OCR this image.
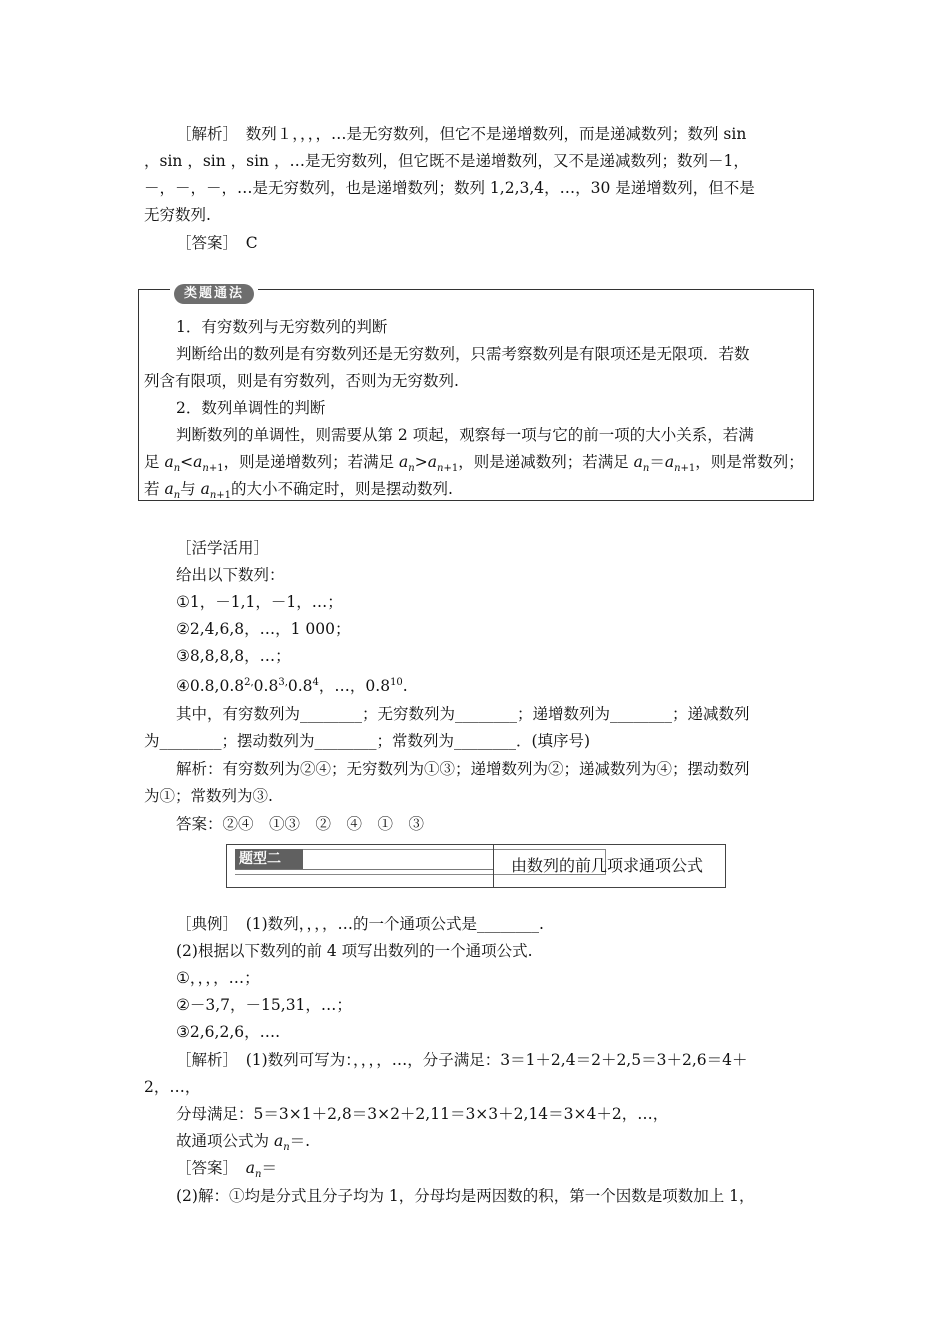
［解析］　数列１，，，，…是无穷数列，但它不是递增数列，而是递减数列；数列 sin
，sin ，sin ，sin ，…是无穷数列，但它既不是递增数列，又不是递减数列；数列－1，
－，－，－，…是无穷数列，也是递增数列；数列 1,2,3,4，…，30 是递增数列，但不是
无穷数列.
［答案］　C
类题通法
1．有穷数列与无穷数列的判断
判断给出的数列是有穷数列还是无穷数列，只需考察数列是有限项还是无限项．若数
列含有限项，则是有穷数列，否则为无穷数列.
2．数列单调性的判断
判断数列的单调性，则需要从第 2 项起，观察每一项与它的前一项的大小关系，若满
足 $a_n<a_{n+1}$，则是递增数列；若满足 $a_n>a_{n+1}$，则是递减数列；若满足 $a_n=a_{n+1}$，则是常数列；
若 $a_n$与 $a_{n+1}$的大小不确定时，则是摆动数列.
［活学活用］
给出以下数列：
①1，－1,1，－1，…；
②2,4,6,8，…，1 000；
③8,8,8,8，…；
$④0.8,0.8^{2,}0.8^{3,}0.8^4$，…，$0.8^{10}$.
其中，有穷数列为________；无穷数列为________；递增数列为________；递减数列
为________；摆动数列为________；常数列为________．(填序号)
解析：有穷数列为②④；无穷数列为①③；递增数列为②；递减数列为④；摆动数列
为①；常数列为③.
答案：②④　①③　②　④　①　③
题型二	由数列的前几项求通项公式
［典例］　(1)数列，，，，…的一个通项公式是________.
(2)根据以下数列的前 4 项写出数列的一个通项公式.
①，，，，…；
②－3,7，－15,31，…；
③2,6,2,6，….
［解析］　(1)数列可写为：，，，，…，分子满足：3＝1＋2,4＝2＋2,5＝3＋2,6＝4＋
2，…，
分母满足：5＝3×1＋2,8＝3×2＋2,11＝3×3＋2,14＝3×4＋2，…，
故通项公式为 $a_n=$.
［答案］　$a_n=$
(2)解：①均是分式且分子均为 1，分母均是两因数的积，第一个因数是项数加上 1，
